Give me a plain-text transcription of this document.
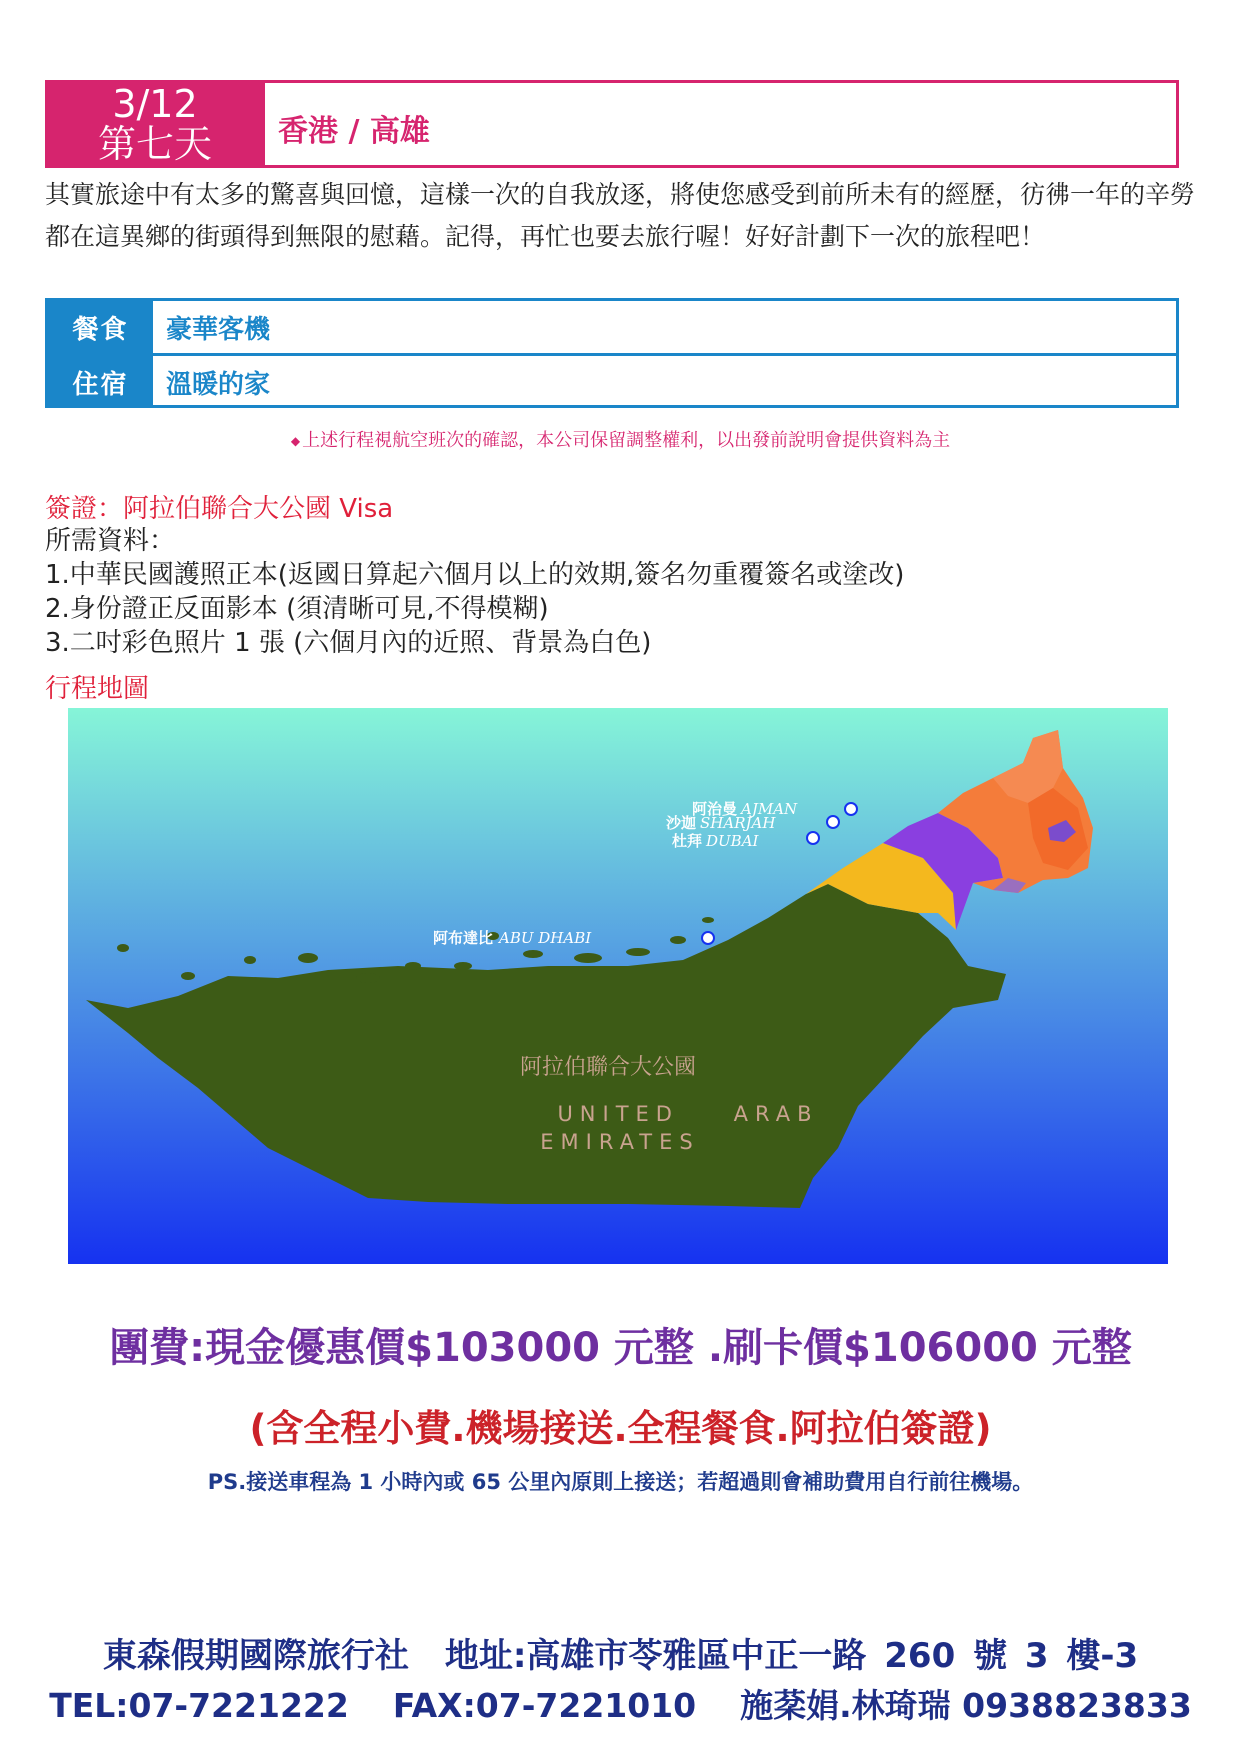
3/12
第七天	香港 / 高雄
其實旅途中有太多的驚喜與回憶，這樣一次的自我放逐，將使您感受到前所未有的經歷，彷彿一年的辛勞都在這異鄉的街頭得到無限的慰藉。記得，再忙也要去旅行喔！好好計劃下一次的旅程吧！
餐食	豪華客機
住宿	溫暖的家
◆ 上述行程視航空班次的確認，本公司保留調整權利，以出發前說明會提供資料為主
簽證：阿拉伯聯合大公國 Visa
所需資料：
1.中華民國護照正本(返國日算起六個月以上的效期,簽名勿重覆簽名或塗改)
2.身份證正反面影本 (須清晰可見,不得模糊)
3.二吋彩色照片 1 張 (六個月內的近照、背景為白色)
行程地圖
阿治曼 AJMAN
沙迦 SHARJAH
杜拜 DUBAI
阿布達比 ABU DHABI
阿拉伯聯合大公國
UNITED    ARAB
EMIRATES
團費:現金優惠價$103000 元整 .刷卡價$106000 元整
(含全程小費.機場接送.全程餐食.阿拉伯簽證)
PS.接送車程為 1 小時內或 65 公里內原則上接送；若超過則會補助費用自行前往機場。
東森假期國際旅行社 地址:高雄市苓雅區中正一路 260 號 3 樓-3
TEL:07-7221222 FAX:07-7221010 施棻娟.林琦瑞 0938823833
